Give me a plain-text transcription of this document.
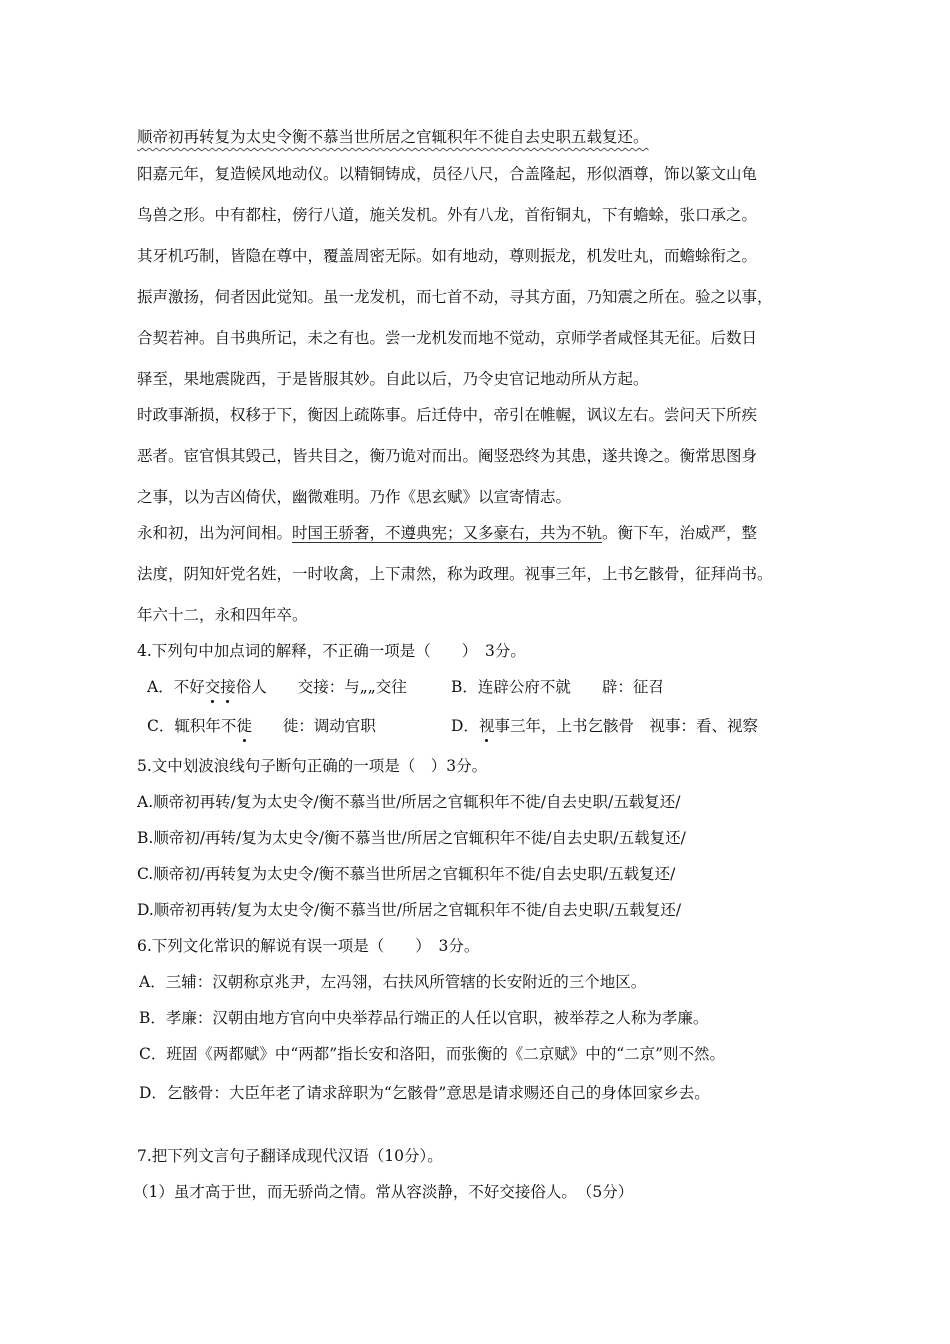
顺帝初再转复为太史令衡不慕当世所居之官辄积年不徙自去史职五载复还。
阳嘉元年，复造候风地动仪。以精铜铸成，员径八尺，合盖隆起，形似酒尊，饰以篆文山龟
鸟兽之形。中有都柱，傍行八道，施关发机。外有八龙，首衔铜丸，下有蟾蜍，张口承之。
其牙机巧制，皆隐在尊中，覆盖周密无际。如有地动，尊则振龙，机发吐丸，而蟾蜍衔之。
振声激扬，伺者因此觉知。虽一龙发机，而七首不动，寻其方面，乃知震之所在。验之以事，
合契若神。自书典所记，未之有也。尝一龙机发而地不觉动，京师学者咸怪其无征。后数日
驿至，果地震陇西，于是皆服其妙。自此以后，乃令史官记地动所从方起。
时政事渐损，权移于下，衡因上疏陈事。后迁侍中，帝引在帷幄，讽议左右。尝问天下所疾
恶者。宦官惧其毁己，皆共目之，衡乃诡对而出。阉竖恐终为其患，遂共谗之。衡常思图身
之事，以为吉凶倚伏，幽微难明。乃作《思玄赋》以宣寄情志。
永和初，出为河间相。时国王骄奢，不遵典宪；又多豪右，共为不轨。衡下车，治威严，整
法度，阴知奸党名姓，一时收禽，上下肃然，称为政理。视事三年，上书乞骸骨，征拜尚书。
年六十二，永和四年卒。
4.下列句中加点词的解释，不正确一项是（　　）　3分。
A．不好交接俗人　　交接：与„„交往	B．连辟公府不就　　辟：征召
C．辄积年不徙　　徙：调动官职	D．视事三年，上书乞骸骨　视事：看、视察
5.文中划波浪线句子断句正确的一项是（　）3分。
A.顺帝初再转/复为太史令/衡不慕当世/所居之官辄积年不徙/自去史职/五载复还/
B.顺帝初/再转/复为太史令/衡不慕当世/所居之官辄积年不徙/自去史职/五载复还/
C.顺帝初/再转复为太史令/衡不慕当世所居之官辄积年不徙/自去史职/五载复还/
D.顺帝初再转/复为太史令/衡不慕当世/所居之官辄积年不徙/自去史职/五载复还/
6.下列文化常识的解说有误一项是（　　）　3分。
A．三辅：汉朝称京兆尹，左冯翎，右扶风所管辖的长安附近的三个地区。
B．孝廉：汉朝由地方官向中央举荐品行端正的人任以官职，被举荐之人称为孝廉。
C．班固《两都赋》中“两都”指长安和洛阳，而张衡的《二京赋》中的“二京”则不然。
D．乞骸骨：大臣年老了请求辞职为“乞骸骨”意思是请求赐还自己的身体回家乡去。
7.把下列文言句子翻译成现代汉语（10分）。
（1）虽才高于世，而无骄尚之情。常从容淡静，不好交接俗人。　（5分）
